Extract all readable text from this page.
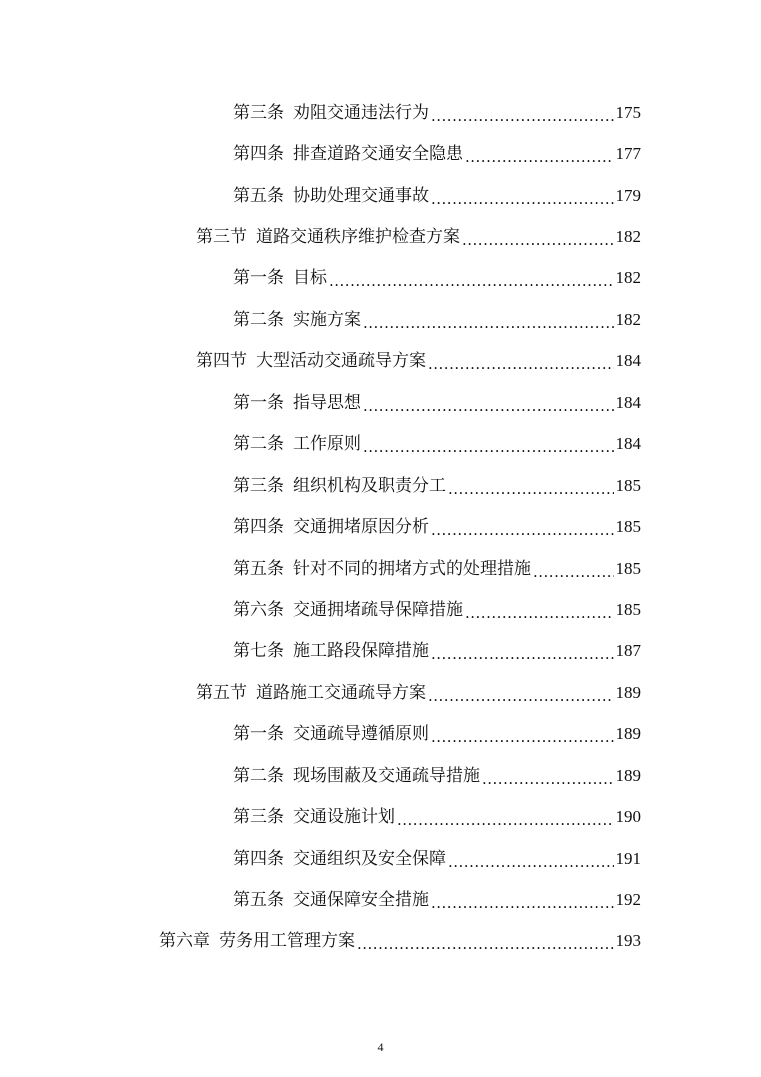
第三条 劝阻交通违法行为 .....	175
第四条 排查道路交通安全隐患 .....	177
第五条 协助处理交通事故 .....	179
第三节 道路交通秩序维护检查方案 .....	182
第一条 目标 .....	182
第二条 实施方案 .....	182
第四节 大型活动交通疏导方案 .....	184
第一条 指导思想 .....	184
第二条 工作原则 .....	184
第三条 组织机构及职责分工 .....	185
第四条 交通拥堵原因分析 .....	185
第五条 针对不同的拥堵方式的处理措施 .....	185
第六条 交通拥堵疏导保障措施 .....	185
第七条 施工路段保障措施 .....	187
第五节 道路施工交通疏导方案 .....	189
第一条 交通疏导遵循原则 .....	189
第二条 现场围蔽及交通疏导措施 .....	189
第三条 交通设施计划 .....	190
第四条 交通组织及安全保障 .....	191
第五条 交通保障安全措施 .....	192
第六章 劳务用工管理方案 .....	193
4
